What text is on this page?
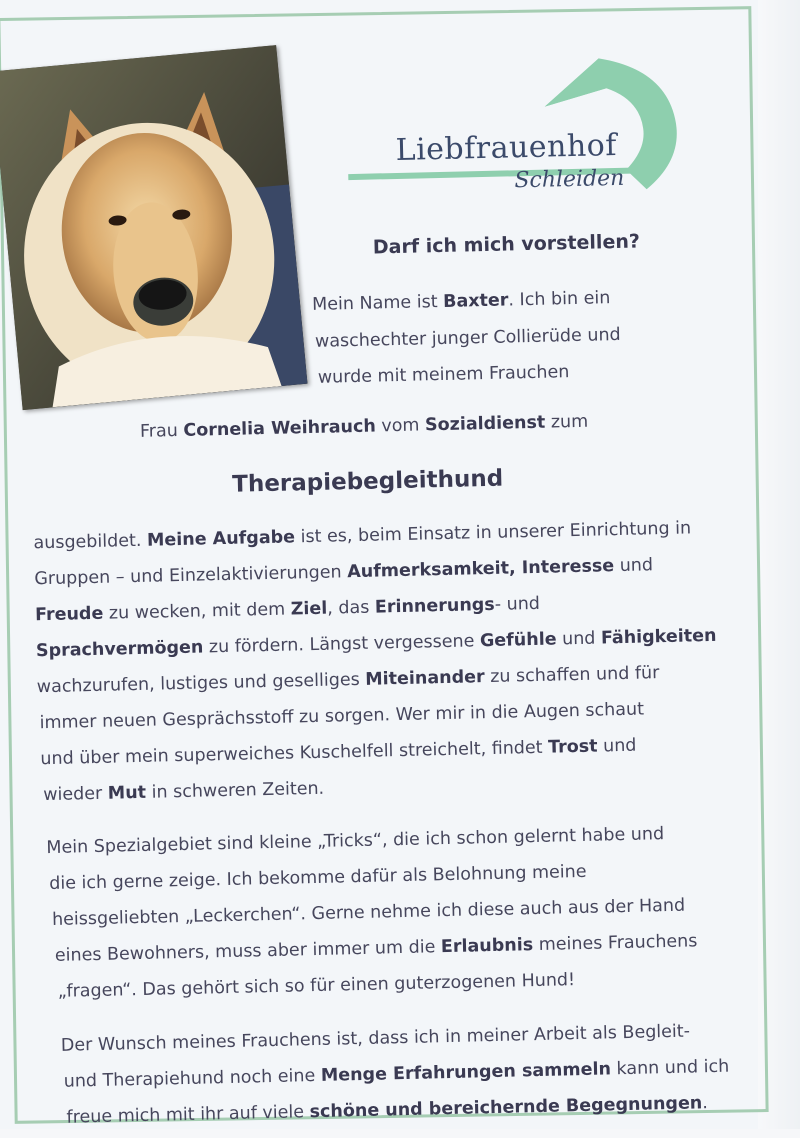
Liebfrauenhof
Schleiden
Darf ich mich vorstellen?
Mein Name ist Baxter. Ich bin ein
waschechter junger Collierüde und
wurde mit meinem Frauchen
Frau Cornelia Weihrauch vom Sozialdienst zum
Therapiebegleithund
ausgebildet. Meine Aufgabe ist es, beim Einsatz in unserer Einrichtung in
Gruppen – und Einzelaktivierungen Aufmerksamkeit, Interesse und
Freude zu wecken, mit dem Ziel, das Erinnerungs- und
Sprachvermögen zu fördern. Längst vergessene Gefühle und Fähigkeiten
wachzurufen, lustiges und geselliges Miteinander zu schaffen und für
immer neuen Gesprächsstoff zu sorgen. Wer mir in die Augen schaut
und über mein superweiches Kuschelfell streichelt, findet Trost und
wieder Mut in schweren Zeiten.
Mein Spezialgebiet sind kleine „Tricks“, die ich schon gelernt habe und
die ich gerne zeige. Ich bekomme dafür als Belohnung meine
heissgeliebten „Leckerchen“. Gerne nehme ich diese auch aus der Hand
eines Bewohners, muss aber immer um die Erlaubnis meines Frauchens
„fragen“. Das gehört sich so für einen guterzogenen Hund!
Der Wunsch meines Frauchens ist, dass ich in meiner Arbeit als Begleit-
und Therapiehund noch eine Menge Erfahrungen sammeln kann und ich
freue mich mit ihr auf viele schöne und bereichernde Begegnungen.
